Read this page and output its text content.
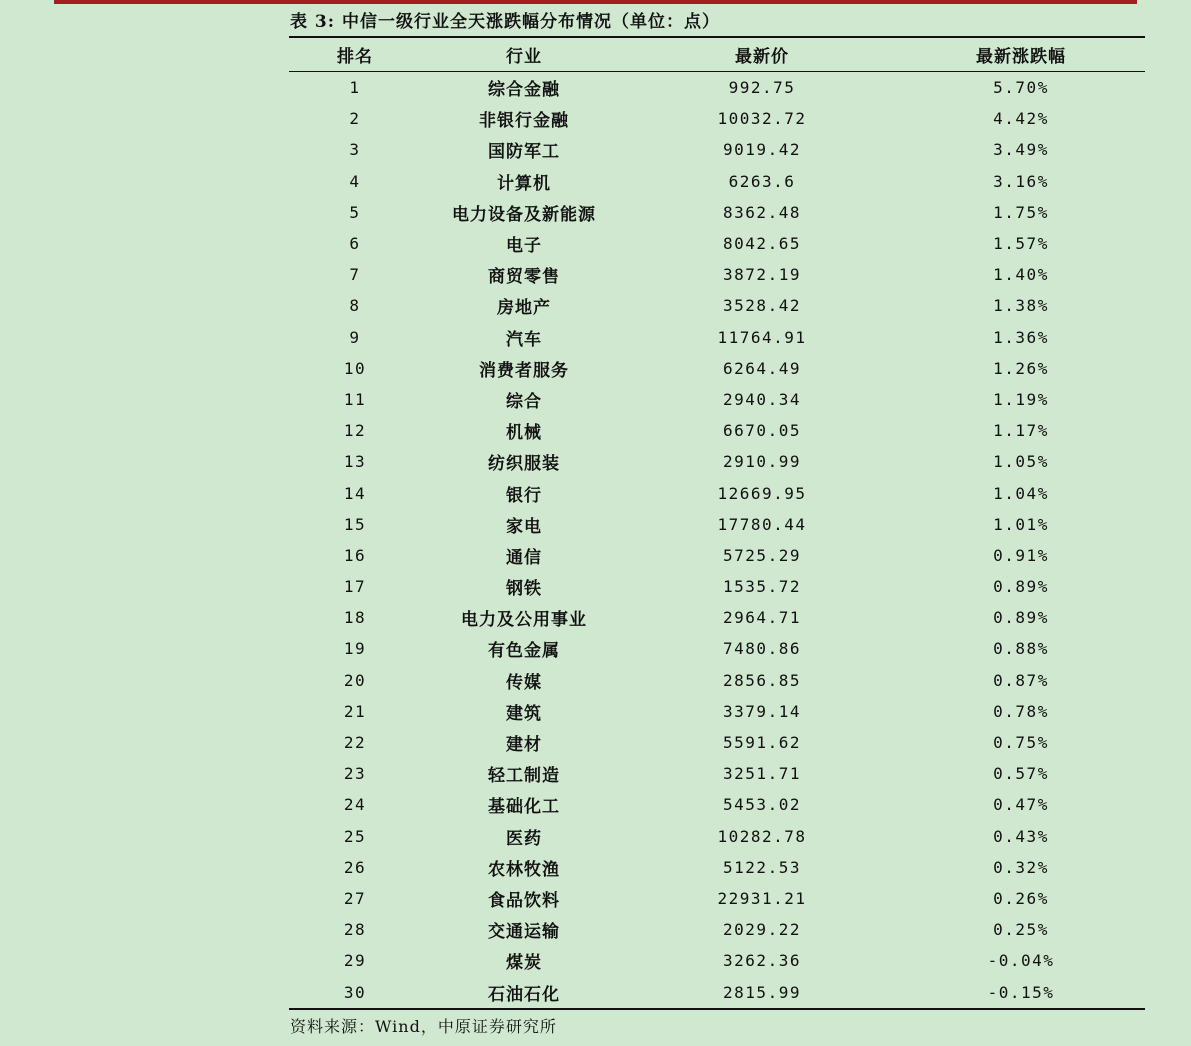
表 3: 中信一级行业全天涨跌幅分布情况（单位：点）
排名	行业	最新价	最新涨跌幅
1	综合金融	992.75	5.70%
2	非银行金融	10032.72	4.42%
3	国防军工	9019.42	3.49%
4	计算机	6263.6	3.16%
5	电力设备及新能源	8362.48	1.75%
6	电子	8042.65	1.57%
7	商贸零售	3872.19	1.40%
8	房地产	3528.42	1.38%
9	汽车	11764.91	1.36%
10	消费者服务	6264.49	1.26%
11	综合	2940.34	1.19%
12	机械	6670.05	1.17%
13	纺织服装	2910.99	1.05%
14	银行	12669.95	1.04%
15	家电	17780.44	1.01%
16	通信	5725.29	0.91%
17	钢铁	1535.72	0.89%
18	电力及公用事业	2964.71	0.89%
19	有色金属	7480.86	0.88%
20	传媒	2856.85	0.87%
21	建筑	3379.14	0.78%
22	建材	5591.62	0.75%
23	轻工制造	3251.71	0.57%
24	基础化工	5453.02	0.47%
25	医药	10282.78	0.43%
26	农林牧渔	5122.53	0.32%
27	食品饮料	22931.21	0.26%
28	交通运输	2029.22	0.25%
29	煤炭	3262.36	-0.04%
30	石油石化	2815.99	-0.15%
资料来源：Wind，中原证券研究所
